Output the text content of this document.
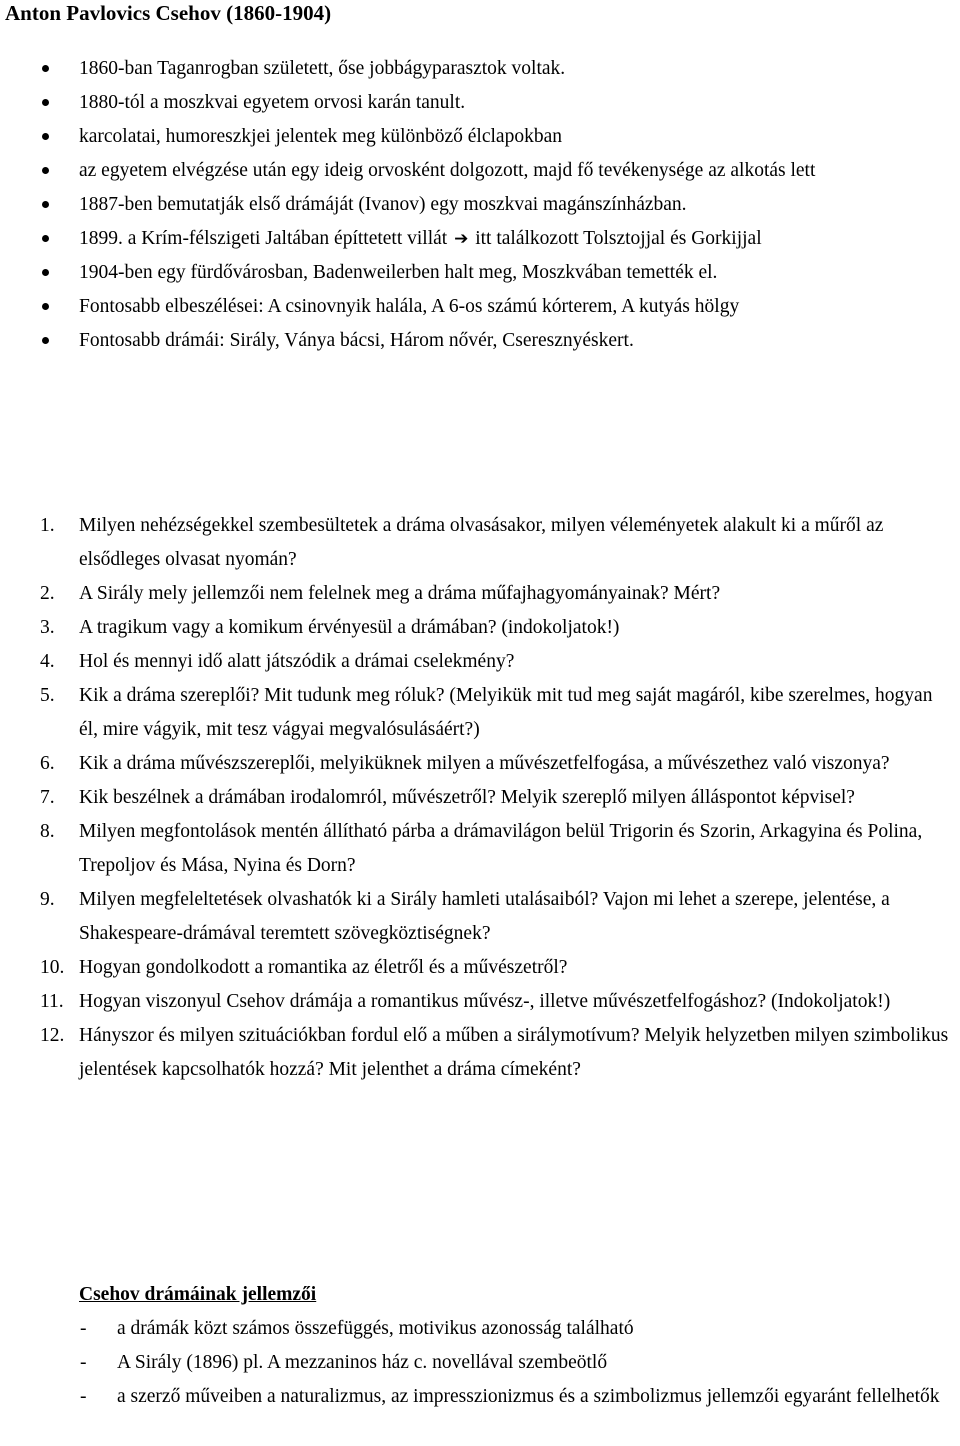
Anton Pavlovics Csehov (1860-1904)
1860-ban Taganrogban született, őse jobbágyparasztok voltak.
1880-tól a moszkvai egyetem orvosi karán tanult.
karcolatai, humoreszkjei jelentek meg különböző élclapokban
az egyetem elvégzése után egy ideig orvosként dolgozott, majd fő tevékenysége az alkotás lett
1887-ben bemutatják első drámáját (Ivanov) egy moszkvai magánszínházban.
1899. a Krím-félszigeti Jaltában építtetett villát ➔ itt találkozott Tolsztojjal és Gorkijjal
1904-ben egy fürdővárosban, Badenweilerben halt meg, Moszkvában temették el.
Fontosabb elbeszélései: A csinovnyik halála, A 6-os számú kórterem, A kutyás hölgy
Fontosabb drámái: Sirály, Ványa bácsi, Három nővér, Cseresznyéskert.
1. Milyen nehézségekkel szembesültetek a dráma olvasásakor, milyen véleményetek alakult ki a műről az elsődleges olvasat nyomán?
2. A Sirály mely jellemzői nem felelnek meg a dráma műfajhagyományainak? Mért?
3. A tragikum vagy a komikum érvényesül a drámában? (indokoljatok!)
4. Hol és mennyi idő alatt játszódik a drámai cselekmény?
5. Kik a dráma szereplői? Mit tudunk meg róluk? (Melyikük mit tud meg saját magáról, kibe szerelmes, hogyan él, mire vágyik, mit tesz vágyai megvalósulásáért?)
6. Kik a dráma művészszereplői, melyiküknek milyen a művészetfelfogása, a művészethez való viszonya?
7. Kik beszélnek a drámában irodalomról, művészetről? Melyik szereplő milyen álláspontot képvisel?
8. Milyen megfontolások mentén állítható párba a drámavilágon belül Trigorin és Szorin, Arkagyina és Polina, Trepoljov és Mása, Nyina és Dorn?
9. Milyen megfeleltetések olvashatók ki a Sirály hamleti utalásaiból? Vajon mi lehet a szerepe, jelentése, a Shakespeare-drámával teremtett szövegköztiségnek?
10. Hogyan gondolkodott a romantika az életről és a művészetről?
11. Hogyan viszonyul Csehov drámája a romantikus művész-, illetve művészetfelfogáshoz? (Indokoljatok!)
12. Hányszor és milyen szituációkban fordul elő a műben a sirálymotívum? Melyik helyzetben milyen szimbolikus jelentések kapcsolhatók hozzá? Mit jelenthet a dráma címeként?
Csehov drámáinak jellemzői
- a drámák közt számos összefüggés, motivikus azonosság található
- A Sirály (1896) pl. A mezzaninos ház c. novellával szembeötlő
- a szerző műveiben a naturalizmus, az impresszionizmus és a szimbolizmus jellemzői egyaránt fellelhetők
